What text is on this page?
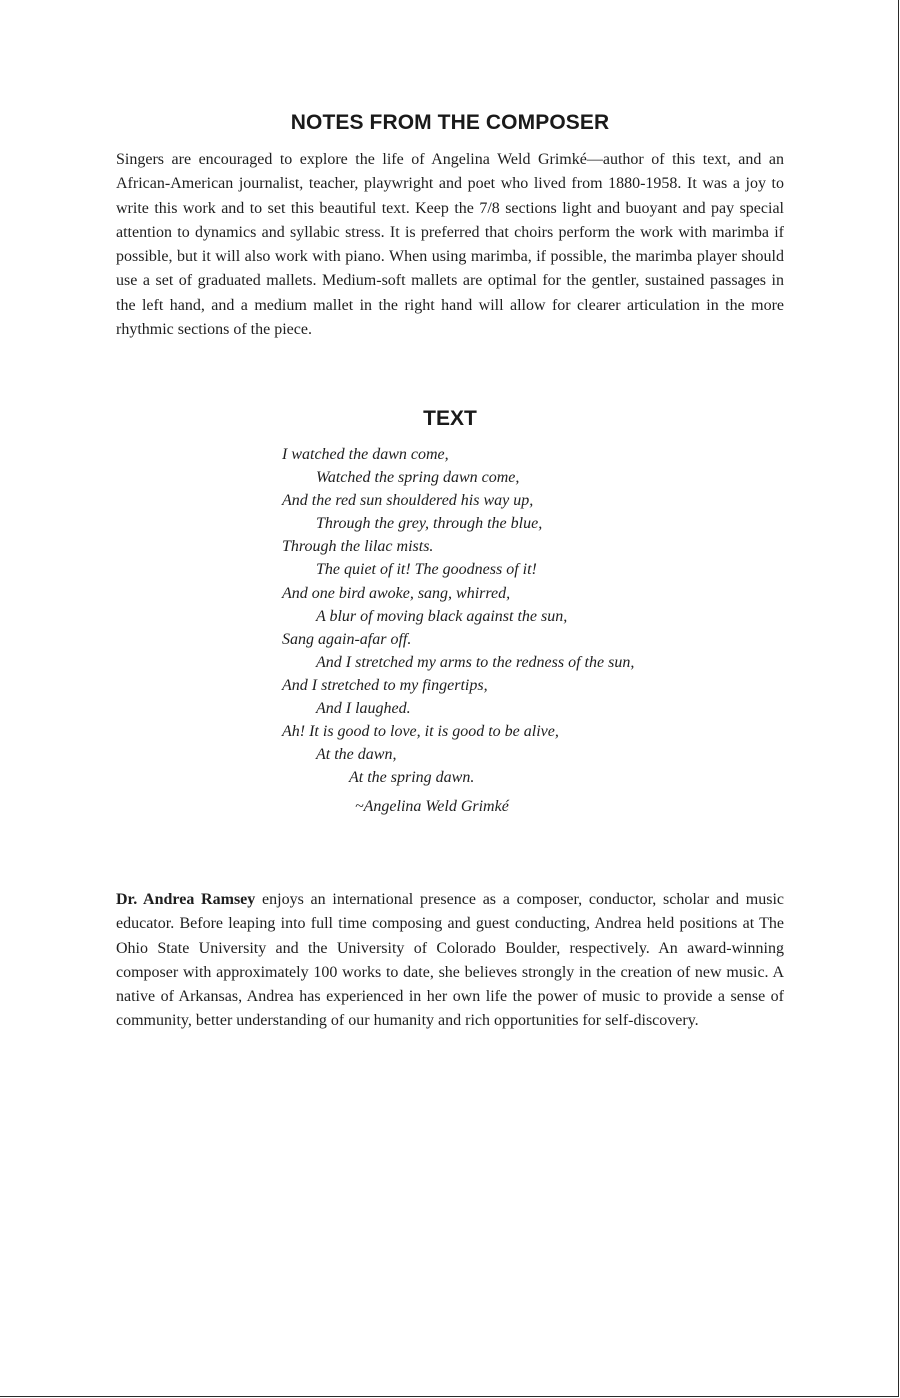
NOTES FROM THE COMPOSER

Singers are encouraged to explore the life of Angelina Weld Grimké—author of this text, and an African-American journalist, teacher, playwright and poet who lived from 1880-1958. It was a joy to write this work and to set this beautiful text. Keep the 7/8 sections light and buoyant and pay special attention to dynamics and syllabic stress. It is preferred that choirs perform the work with marimba if possible, but it will also work with piano. When using marimba, if possible, the marimba player should use a set of graduated mallets. Medium-soft mallets are optimal for the gentler, sustained passages in the left hand, and a medium mallet in the right hand will allow for clearer articulation in the more rhythmic sections of the piece.

TEXT
I watched the dawn come,
Watched the spring dawn come,
And the red sun shouldered his way up,
Through the grey, through the blue,
Through the lilac mists.
The quiet of it! The goodness of it!
And one bird awoke, sang, whirred,
A blur of moving black against the sun,
Sang again-afar off.
And I stretched my arms to the redness of the sun,
And I stretched to my fingertips,
And I laughed.
Ah! It is good to love, it is good to be alive,
At the dawn,
At the spring dawn.

~Angelina Weld Grimké

Dr. Andrea Ramsey enjoys an international presence as a composer, conductor, scholar and music educator. Before leaping into full time composing and guest conducting, Andrea held positions at The Ohio State University and the University of Colorado Boulder, respectively. An award-winning composer with approximately 100 works to date, she believes strongly in the creation of new music. A native of Arkansas, Andrea has experienced in her own life the power of music to provide a sense of community, better understanding of our humanity and rich opportunities for self-discovery.
